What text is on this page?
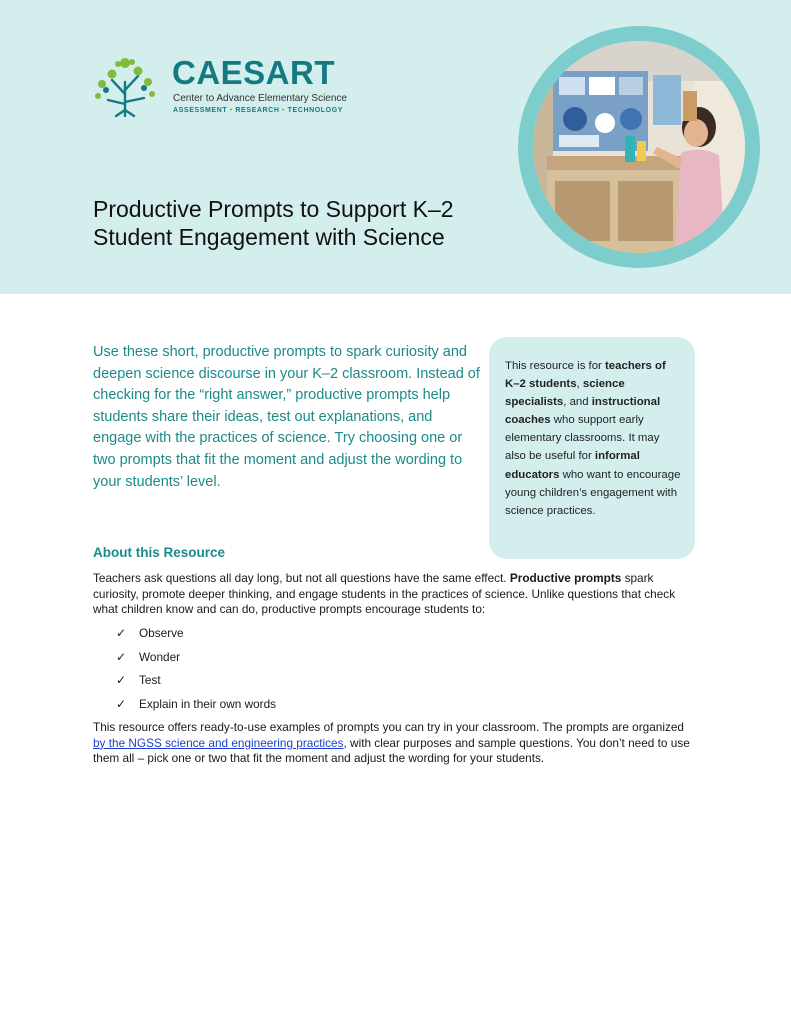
CAESART
Center to Advance Elementary Science
ASSESSMENT • RESEARCH • TECHNOLOGY
Productive Prompts to Support K–2
Student Engagement with Science
Use these short, productive prompts to spark curiosity and deepen science discourse in your K–2 classroom. Instead of checking for the “right answer,” productive prompts help students share their ideas, test out explanations, and engage with the practices of science. Try choosing one or two prompts that fit the moment and adjust the wording to your students’ level.
This resource is for teachers of K–2 students, science specialists, and instructional coaches who support early elementary classrooms. It may also be useful for informal educators who want to encourage young children’s engagement with science practices.
About this Resource
Teachers ask questions all day long, but not all questions have the same effect. Productive prompts spark curiosity, promote deeper thinking, and engage students in the practices of science. Unlike questions that check what children know and can do, productive prompts encourage students to:
✓ Observe
✓ Wonder
✓ Test
✓ Explain in their own words
This resource offers ready-to-use examples of prompts you can try in your classroom. The prompts are organized by the NGSS science and engineering practices, with clear purposes and sample questions. You don’t need to use them all – pick one or two that fit the moment and adjust the wording for your students.
